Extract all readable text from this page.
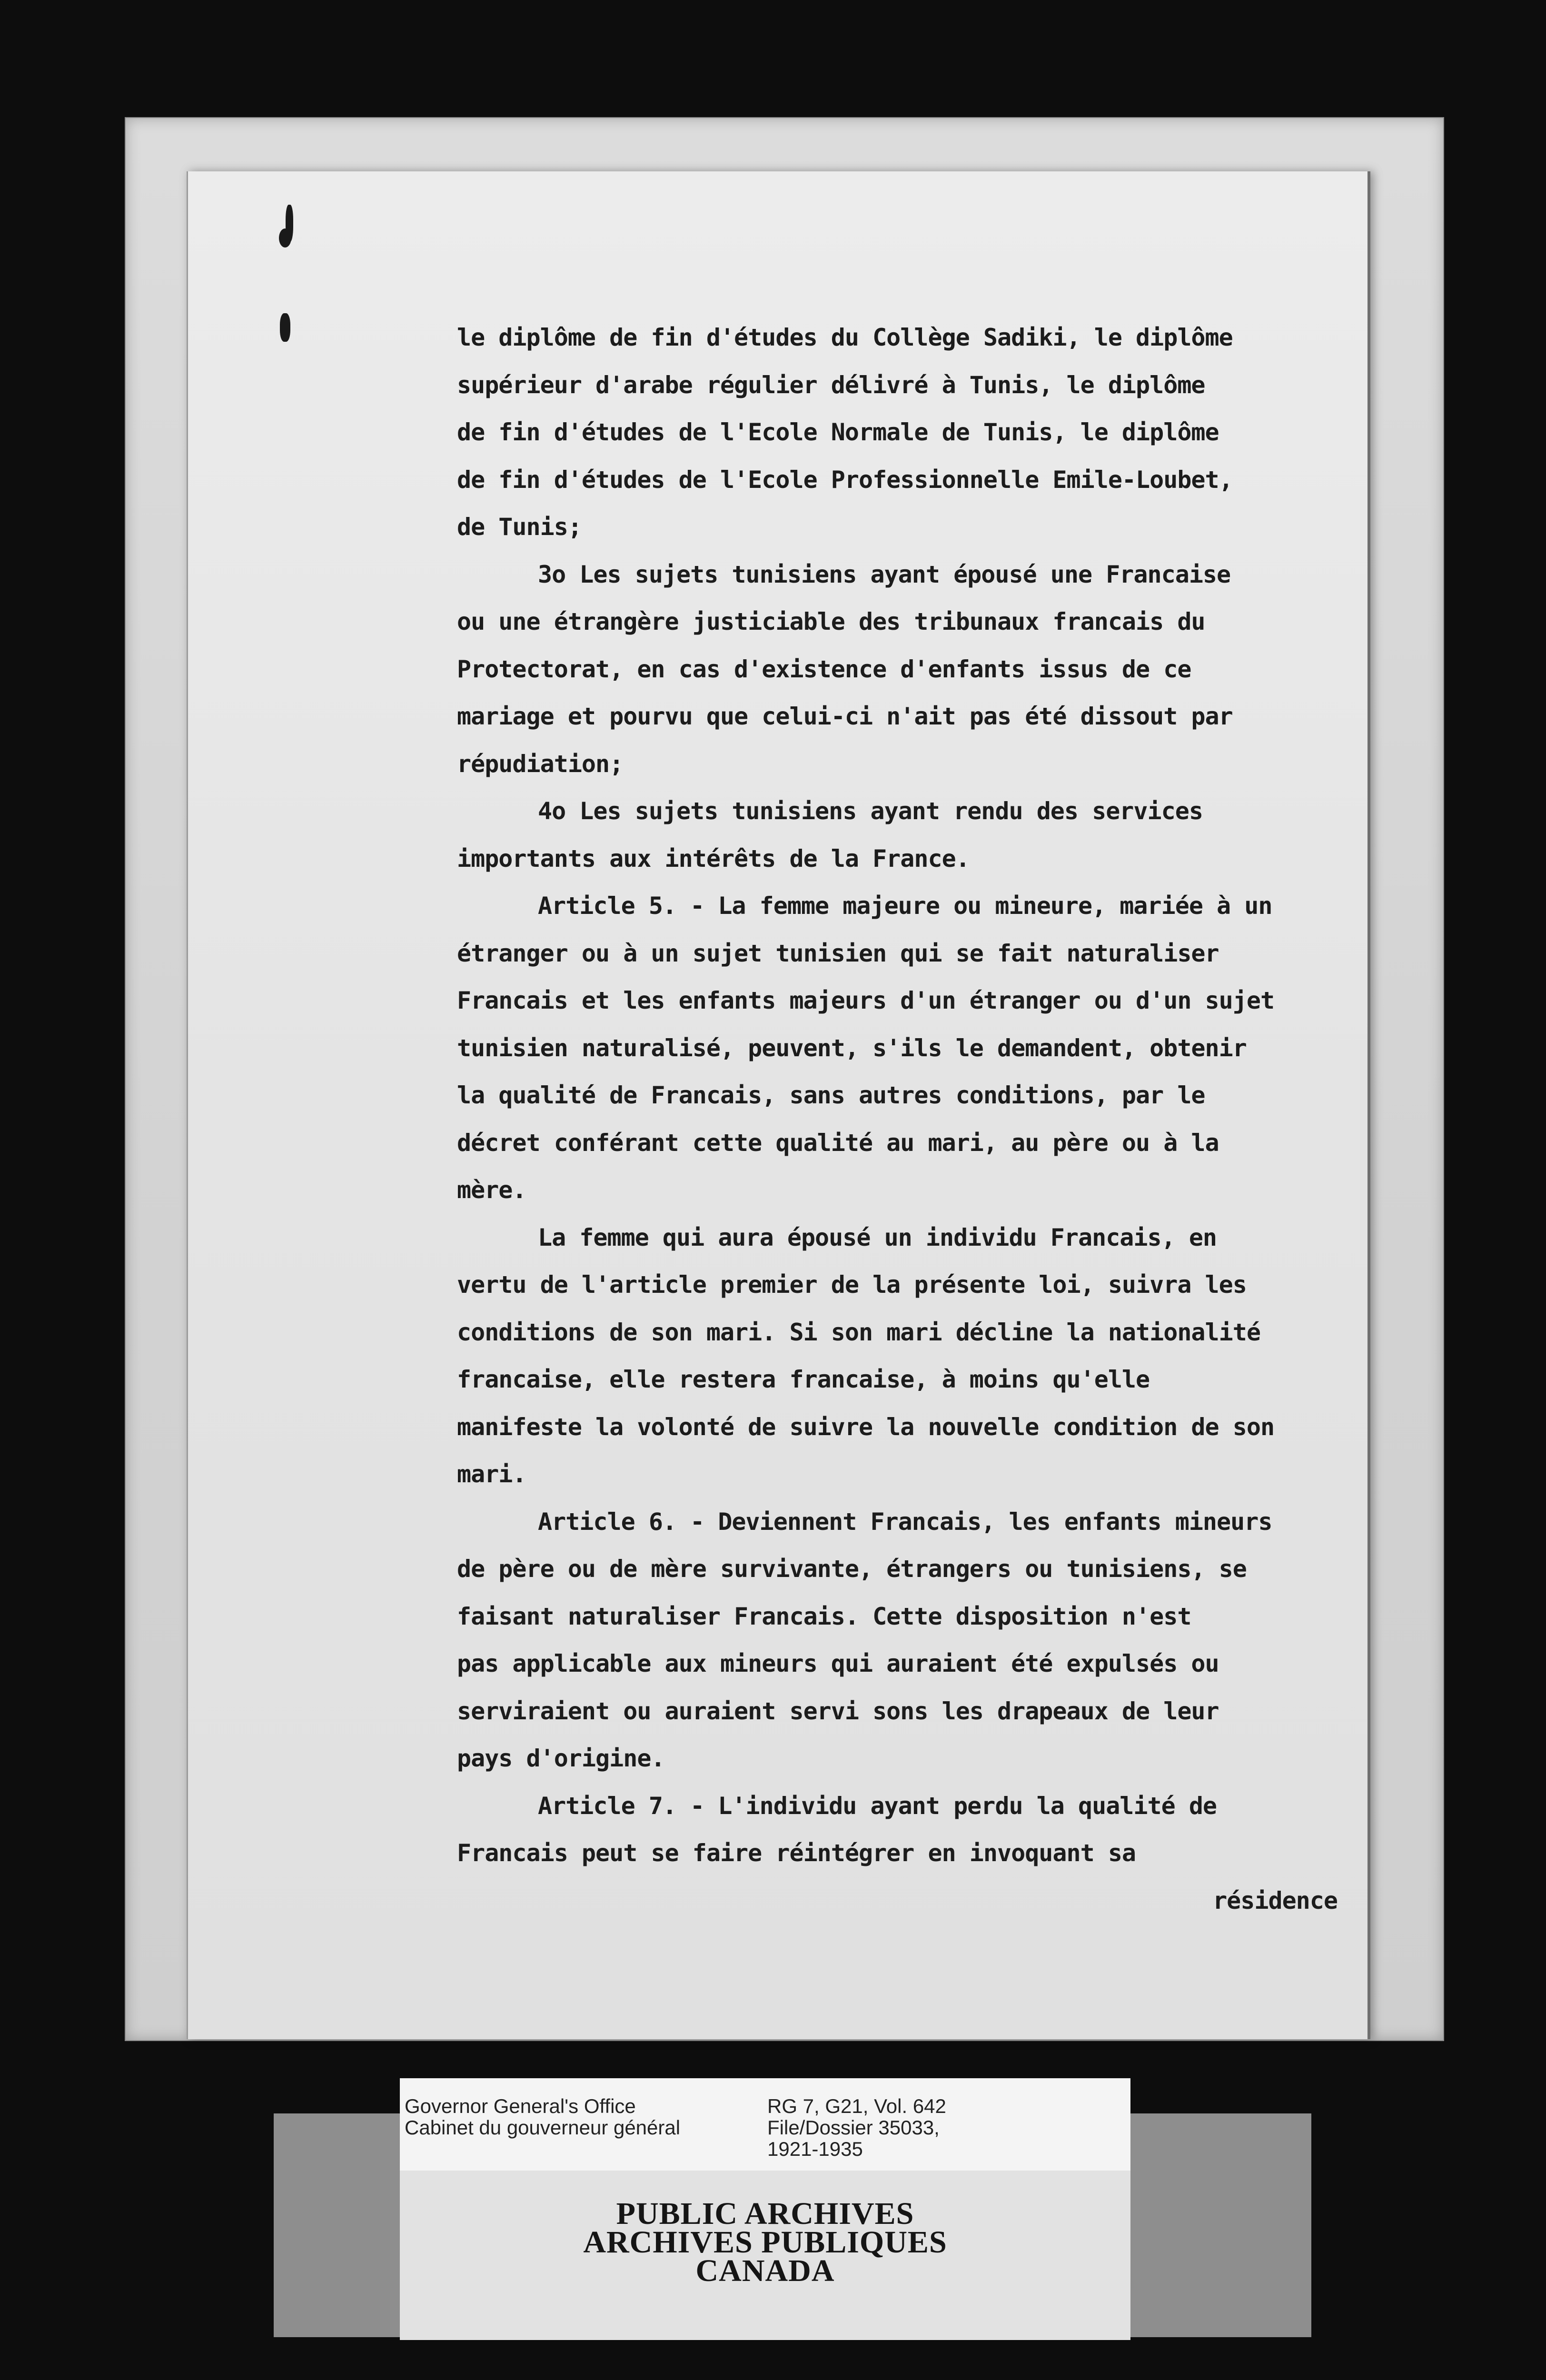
le diplôme de fin d'études du Collège Sadiki, le diplôme
supérieur d'arabe régulier délivré à Tunis, le diplôme
de fin d'études de l'Ecole Normale de Tunis, le diplôme
de fin d'études de l'Ecole Professionnelle Emile-Loubet,
de Tunis;
3o Les sujets tunisiens ayant épousé une Francaise
ou une étrangère justiciable des tribunaux francais du
Protectorat, en cas d'existence d'enfants issus de ce
mariage et pourvu que celui-ci n'ait pas été dissout par
répudiation;
4o Les sujets tunisiens ayant rendu des services
importants aux intérêts de la France.
Article 5. - La femme majeure ou mineure, mariée à un
étranger ou à un sujet tunisien qui se fait naturaliser
Francais et les enfants majeurs d'un étranger ou d'un sujet
tunisien naturalisé, peuvent, s'ils le demandent, obtenir
la qualité de Francais, sans autres conditions, par le
décret conférant cette qualité au mari, au père ou à la
mère.
La femme qui aura épousé un individu Francais, en
vertu de l'article premier de la présente loi, suivra les
conditions de son mari. Si son mari décline la nationalité
francaise, elle restera francaise, à moins qu'elle
manifeste la volonté de suivre la nouvelle condition de son
mari.
Article 6. - Deviennent Francais, les enfants mineurs
de père ou de mère survivante, étrangers ou tunisiens, se
faisant naturaliser Francais. Cette disposition n'est
pas applicable aux mineurs qui auraient été expulsés ou
serviraient ou auraient servi sons les drapeaux de leur
pays d'origine.
Article 7. - L'individu ayant perdu la qualité de
Francais peut se faire réintégrer en invoquant sa
résidence
Governor General's Office
Cabinet du gouverneur général
RG 7, G21, Vol. 642
File/Dossier 35033,
1921-1935
PUBLIC ARCHIVES
ARCHIVES PUBLIQUES
CANADA
